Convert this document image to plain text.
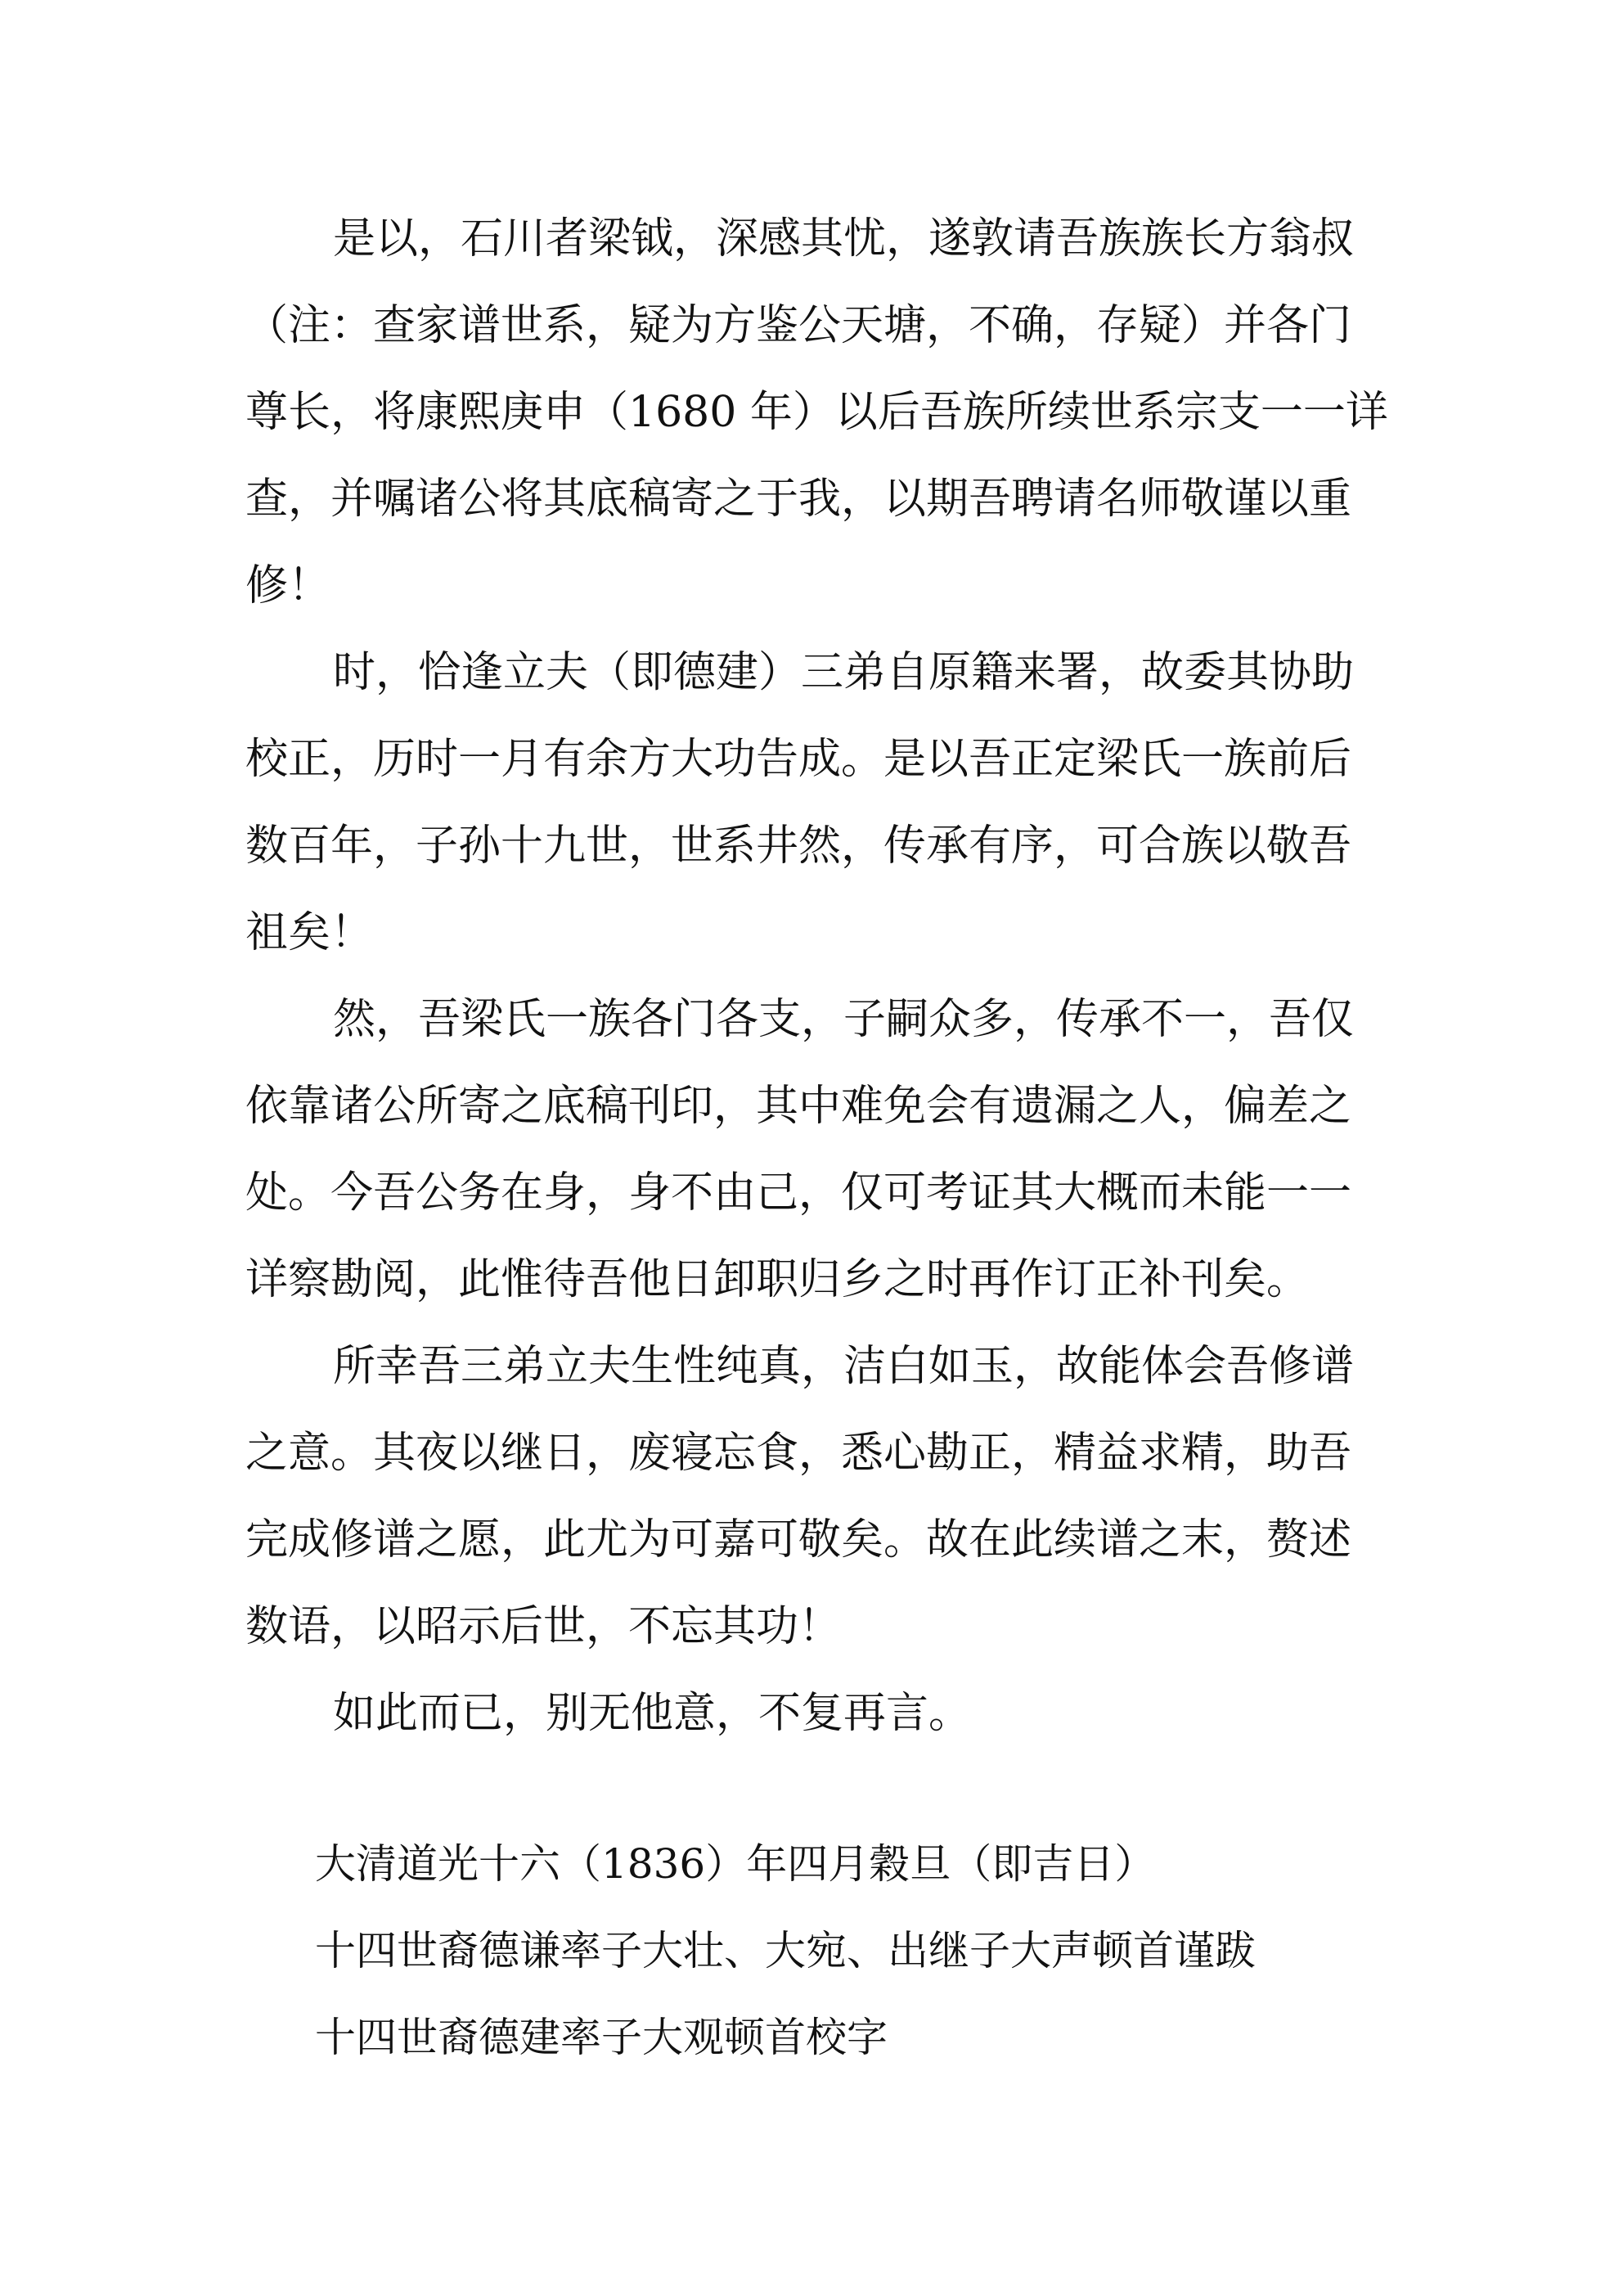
是以，石川者梁钺，深感其忧，遂敦请吾族族长方翁叔
（注：查家谱世系，疑为方鉴公天塘，不确，存疑）并各门
尊长，将康熙庚申（1680 年）以后吾族所续世系宗支一一详
查，并嘱诸公将其底稿寄之于我，以期吾聘请名师敬谨以重
修！
时，恰逢立夫（即德建）三弟自原籍来署，故委其协助
校正，历时一月有余方大功告成。是以吾正定梁氏一族前后
数百年，子孙十九世，世系井然，传承有序，可合族以敬吾
祖矣！
然，吾梁氏一族各门各支，子嗣众多，传承不一，吾仅
依靠诸公所寄之底稿刊印，其中难免会有遗漏之人，偏差之
处。今吾公务在身，身不由己，仅可考证其大概而未能一一
详察勘阅，此惟待吾他日卸职归乡之时再作订正补刊矣。
所幸吾三弟立夫生性纯真，洁白如玉，故能体会吾修谱
之意。其夜以继日，废寝忘食，悉心勘正，精益求精，助吾
完成修谱之愿，此尤为可嘉可敬矣。故在此续谱之末，赘述
数语，以昭示后世，不忘其功！
如此而已，别无他意，不复再言。
大清道光十六（1836）年四月穀旦（即吉日）
十四世裔德谦率子大壮、大宛、出继子大声顿首谨跋
十四世裔德建率子大观顿首校字
